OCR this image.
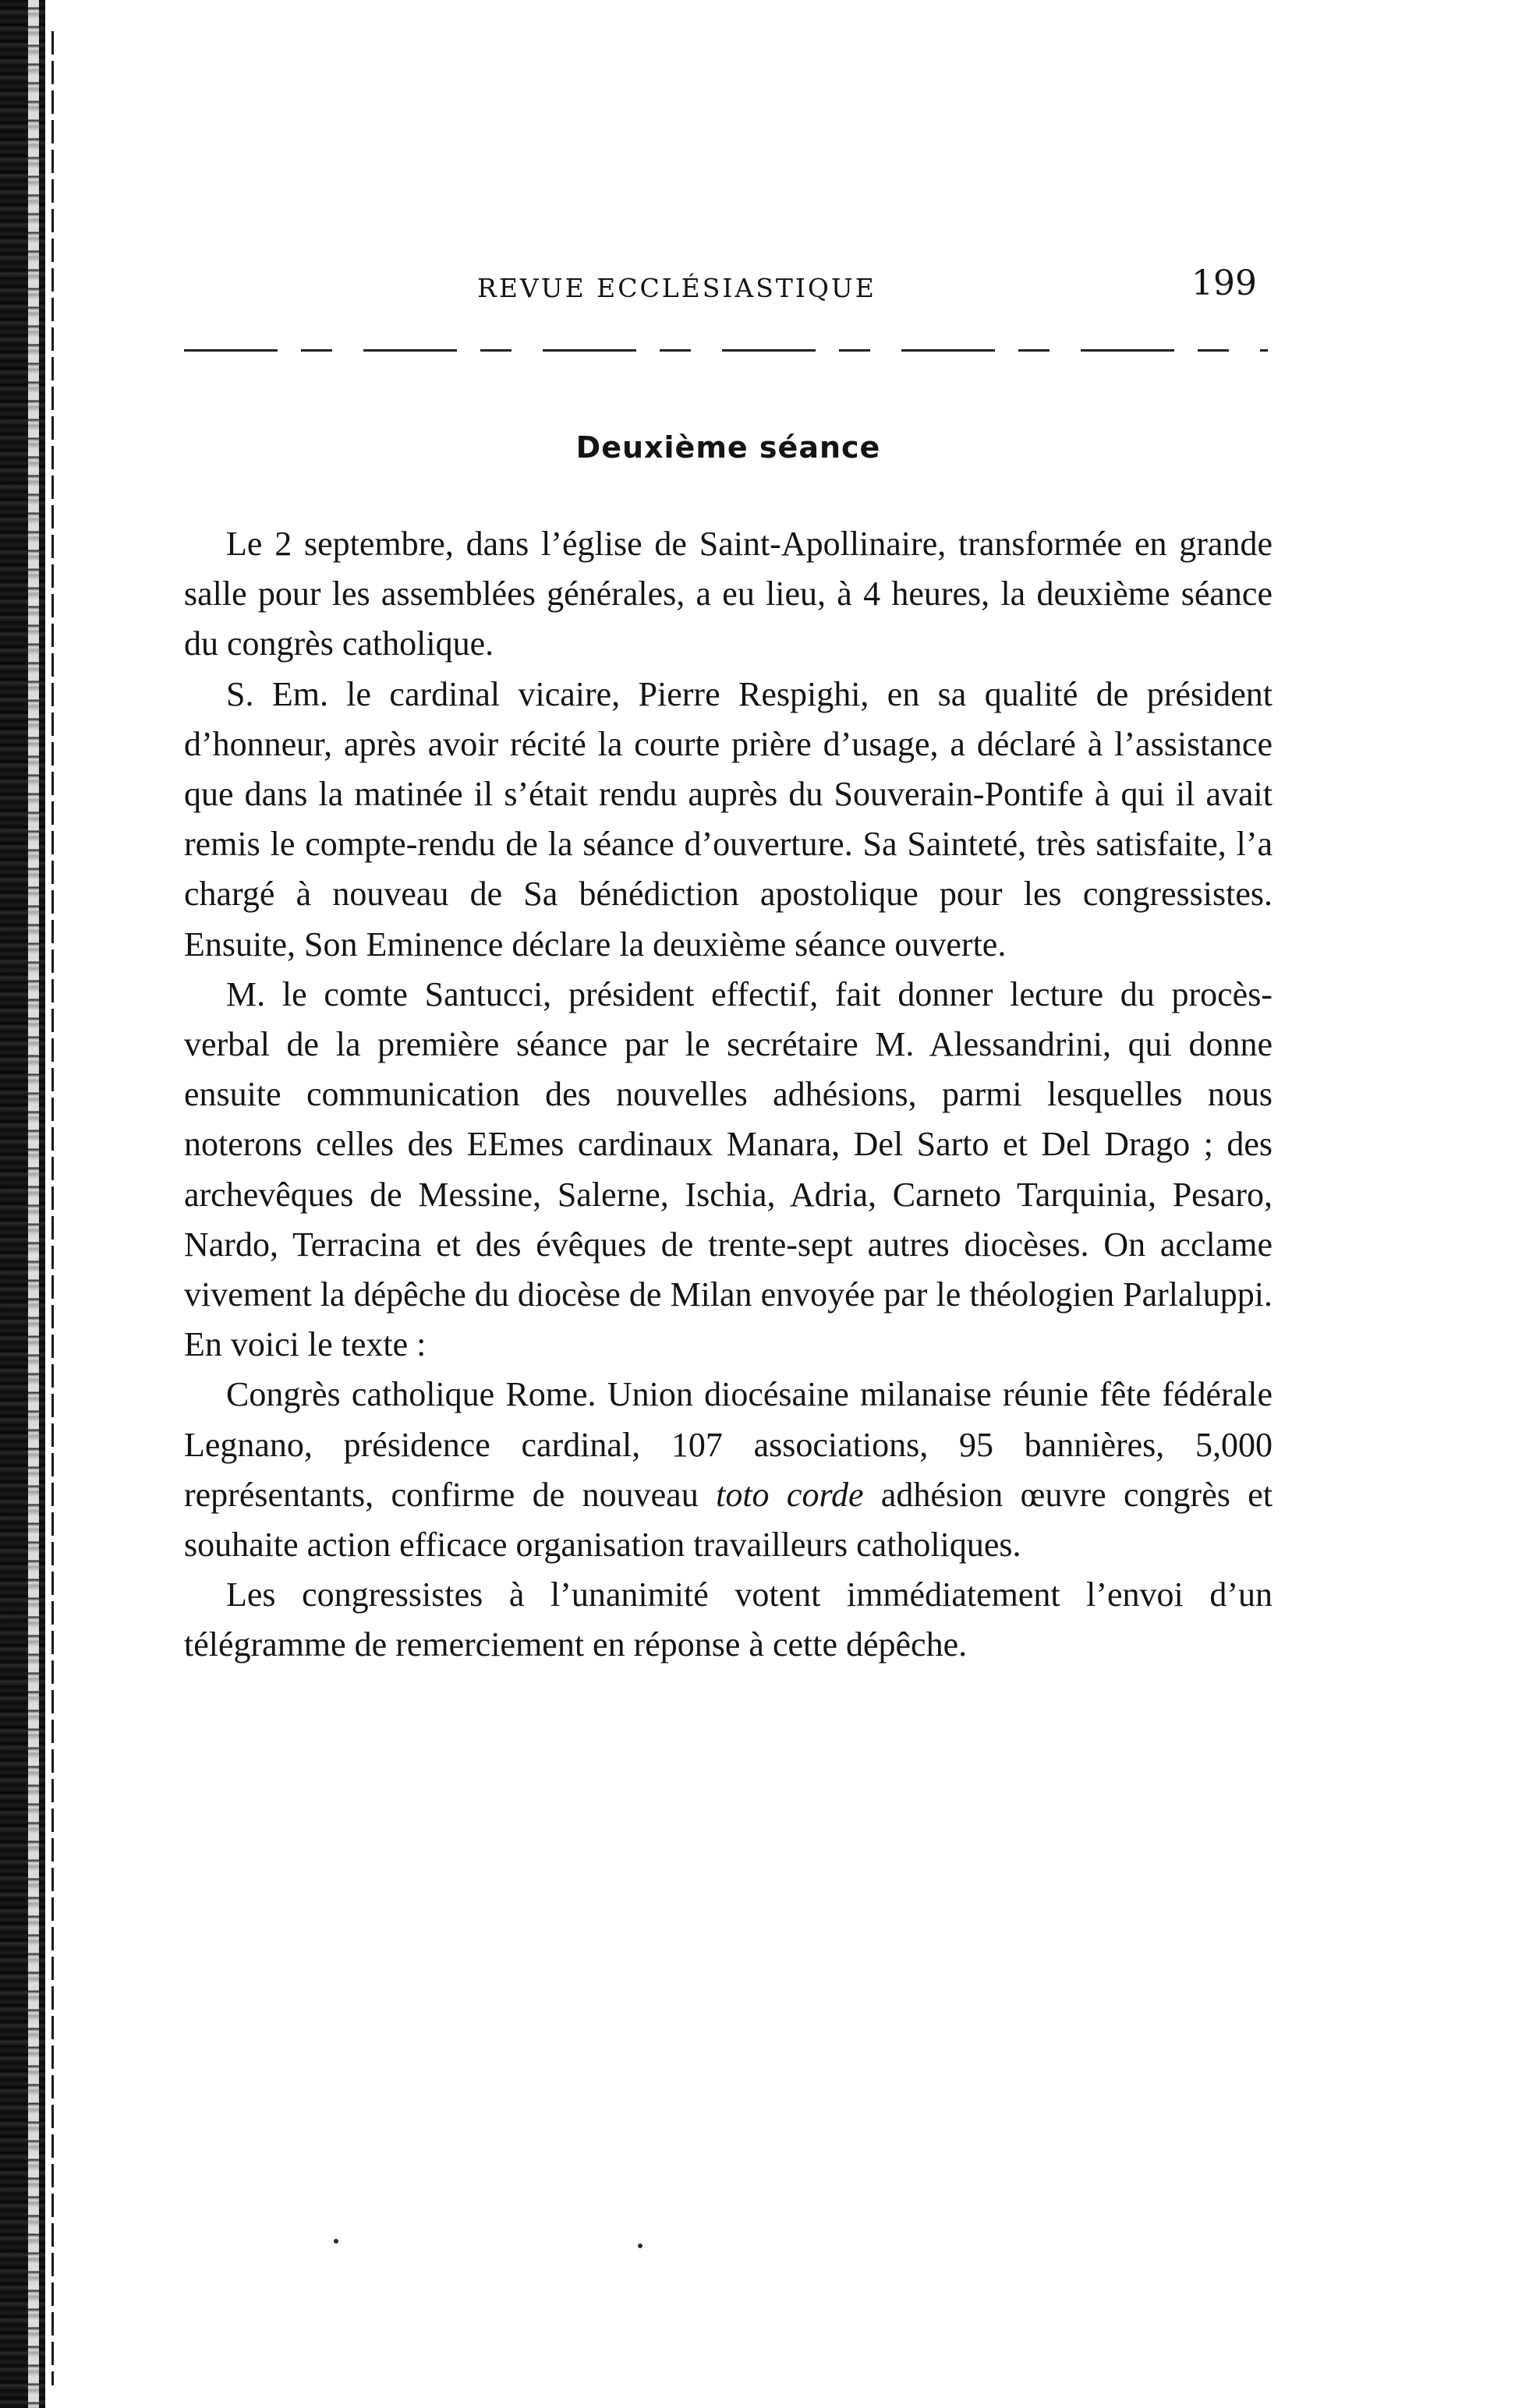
REVUE ECCLÉSIASTIQUE	199
Deuxième séance

Le 2 septembre, dans l’église de Saint-Apollinaire, transformée en grande salle pour les assemblées générales, a eu lieu, à 4 heures, la deuxième séance du congrès catholique.

S. Em. le cardinal vicaire, Pierre Respighi, en sa qualité de président d’honneur, après avoir récité la courte prière d’usage, a déclaré à l’assistance que dans la matinée il s’était rendu auprès du Souverain-Pontife à qui il avait remis le compte-rendu de la séance d’ouverture. Sa Sainteté, très satisfaite, l’a chargé à nouveau de Sa bénédiction apostolique pour les congressistes. Ensuite, Son Eminence déclare la deuxième séance ouverte.

M. le comte Santucci, président effectif, fait donner lecture du procès-verbal de la première séance par le secrétaire M. Alessandrini, qui donne ensuite communication des nouvelles adhésions, parmi lesquelles nous noterons celles des EEmes cardinaux Manara, Del Sarto et Del Drago ; des archevêques de Messine, Salerne, Ischia, Adria, Carneto Tarquinia, Pesaro, Nardo, Terracina et des évêques de trente-sept autres diocèses. On acclame vivement la dépêche du diocèse de Milan envoyée par le théologien Parlaluppi. En voici le texte :

Congrès catholique Rome. Union diocésaine milanaise réunie fête fédérale Legnano, présidence cardinal, 107 associations, 95 bannières, 5,000 représentants, confirme de nouveau toto corde adhésion œuvre congrès et souhaite action efficace organisation travailleurs catholiques.

Les congressistes à l’unanimité votent immédiatement l’envoi d’un télégramme de remerciement en réponse à cette dépêche.
